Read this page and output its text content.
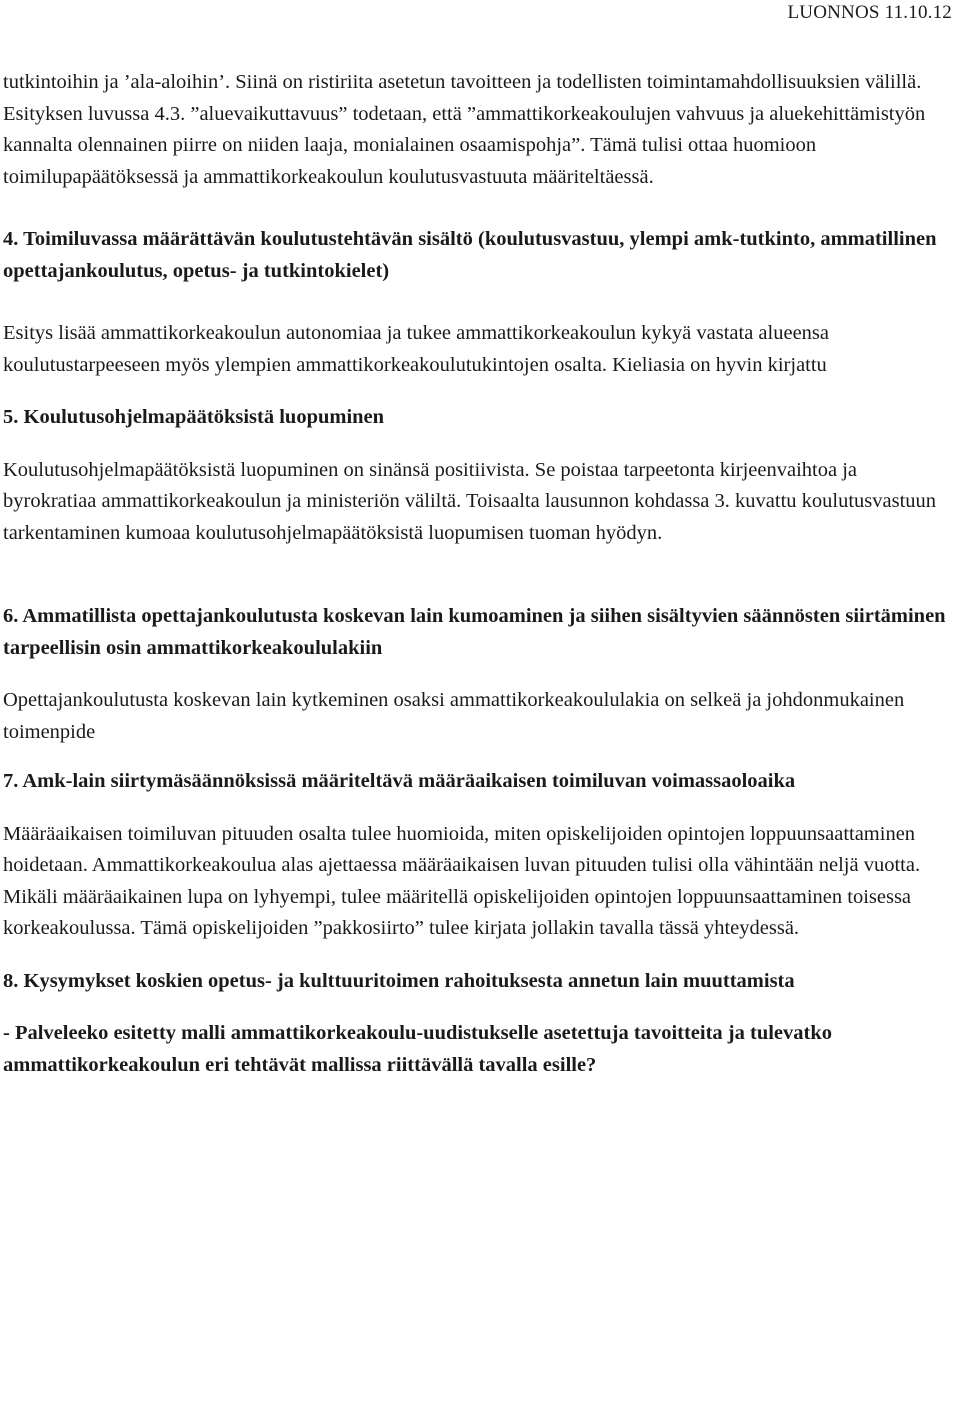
LUONNOS 11.10.12

tutkintoihin ja ’ala-aloihin’. Siinä on ristiriita asetetun tavoitteen ja todellisten toimintamahdollisuuksien välillä. Esityksen luvussa 4.3. ”aluevaikuttavuus” todetaan, että ”ammattikorkeakoulujen vahvuus ja aluekehittämistyön kannalta olennainen piirre on niiden laaja, monialainen osaamispohja”. Tämä tulisi ottaa huomioon toimilupapäätöksessä ja ammattikorkeakoulun koulutusvastuuta määriteltäessä.

4. Toimiluvassa määrättävän koulutustehtävän sisältö (koulutusvastuu, ylempi amk-tutkinto, ammatillinen opettajankoulutus, opetus- ja tutkintokielet)

Esitys lisää ammattikorkeakoulun autonomiaa ja tukee ammattikorkeakoulun kykyä vastata alueensa koulutustarpeeseen myös ylempien ammattikorkeakoulutukintojen osalta. Kieliasia on hyvin kirjattu

5. Koulutusohjelmapäätöksistä luopuminen

Koulutusohjelmapäätöksistä luopuminen on sinänsä positiivista. Se poistaa tarpeetonta kirjeenvaihtoa ja byrokratiaa ammattikorkeakoulun ja ministeriön väliltä. Toisaalta lausunnon kohdassa 3. kuvattu koulutusvastuun tarkentaminen kumoaa koulutusohjelmapäätöksistä luopumisen tuoman hyödyn.

6. Ammatillista opettajankoulutusta koskevan lain kumoaminen ja siihen sisältyvien säännösten siirtäminen tarpeellisin osin ammattikorkeakoululakiin

Opettajankoulutusta koskevan lain kytkeminen osaksi ammattikorkeakoululakia on selkeä ja johdonmukainen toimenpide

7. Amk-lain siirtymäsäännöksissä määriteltävä määräaikaisen toimiluvan voimassaoloaika

Määräaikaisen toimiluvan pituuden osalta tulee huomioida, miten opiskelijoiden opintojen loppuunsaattaminen hoidetaan. Ammattikorkeakoulua alas ajettaessa määräaikaisen luvan pituuden tulisi olla vähintään neljä vuotta. Mikäli määräaikainen lupa on lyhyempi, tulee määritellä opiskelijoiden opintojen loppuunsaattaminen toisessa korkeakoulussa. Tämä opiskelijoiden ”pakkosiirto” tulee kirjata jollakin tavalla tässä yhteydessä.

8. Kysymykset koskien opetus- ja kulttuuritoimen rahoituksesta annetun lain muuttamista

- Palveleeko esitetty malli ammattikorkeakoulu-uudistukselle asetettuja tavoitteita ja tulevatko ammattikorkeakoulun eri tehtävät mallissa riittävällä tavalla esille?
